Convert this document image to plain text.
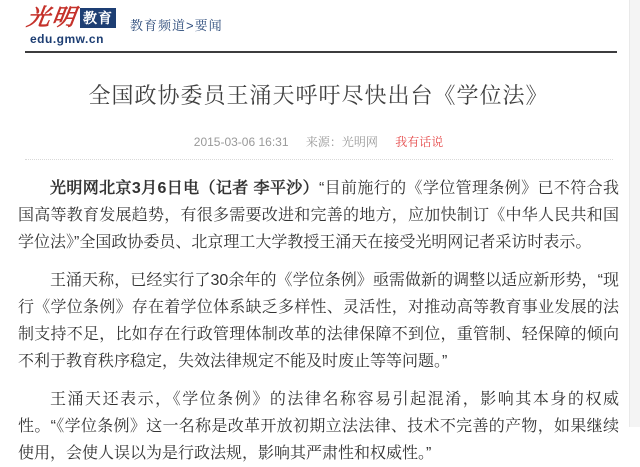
光明 教育
edu.gmw.cn
教育频道>要闻
全国政协委员王涌天呼吁尽快出台《学位法》
2015-03-06 16:31 来源：光明网 我有话说

光明网北京3月6日电（记者 李平沙）“目前施行的《学位管理条例》已不符合我国高等教育发展趋势，有很多需要改进和完善的地方，应加快制订《中华人民共和国学位法》”全国政协委员、北京理工大学教授王涌天在接受光明网记者采访时表示。

王涌天称，已经实行了30余年的《学位条例》亟需做新的调整以适应新形势，“现行《学位条例》存在着学位体系缺乏多样性、灵活性，对推动高等教育事业发展的法制支持不足，比如存在行政管理体制改革的法律保障不到位，重管制、轻保障的倾向不利于教育秩序稳定，失效法律规定不能及时废止等等问题。”

王涌天还表示，《学位条例》的法律名称容易引起混淆，影响其本身的权威性。“《学位条例》这一名称是改革开放初期立法法律、技术不完善的产物，如果继续使用，会使人误以为是行政法规，影响其严肃性和权威性。”
